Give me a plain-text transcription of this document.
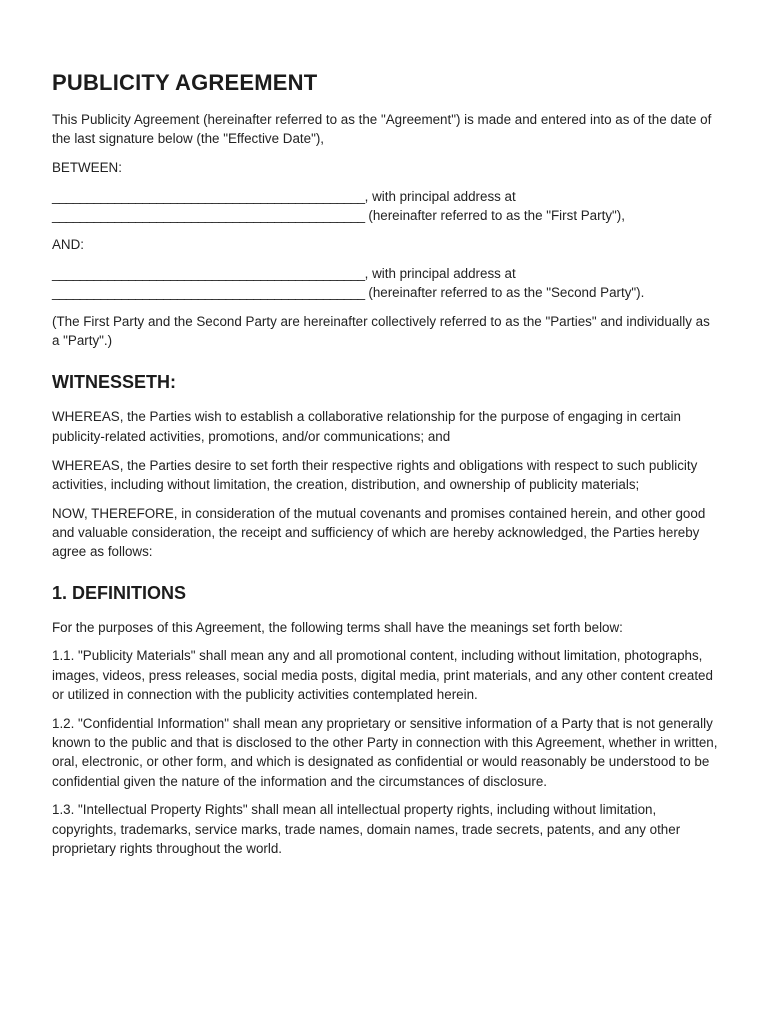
PUBLICITY AGREEMENT

This Publicity Agreement (hereinafter referred to as the "Agreement") is made and entered into as of the date of the last signature below (the "Effective Date"),

BETWEEN:

_____________________________________________, with principal address at
_____________________________________________ (hereinafter referred to as the "First Party"),

AND:

_____________________________________________, with principal address at
_____________________________________________ (hereinafter referred to as the "Second Party").

(The First Party and the Second Party are hereinafter collectively referred to as the "Parties" and individually as a "Party".)

WITNESSETH:

WHEREAS, the Parties wish to establish a collaborative relationship for the purpose of engaging in certain publicity-related activities, promotions, and/or communications; and

WHEREAS, the Parties desire to set forth their respective rights and obligations with respect to such publicity activities, including without limitation, the creation, distribution, and ownership of publicity materials;

NOW, THEREFORE, in consideration of the mutual covenants and promises contained herein, and other good and valuable consideration, the receipt and sufficiency of which are hereby acknowledged, the Parties hereby agree as follows:

1. DEFINITIONS

For the purposes of this Agreement, the following terms shall have the meanings set forth below:

1.1. "Publicity Materials" shall mean any and all promotional content, including without limitation, photographs, images, videos, press releases, social media posts, digital media, print materials, and any other content created or utilized in connection with the publicity activities contemplated herein.

1.2. "Confidential Information" shall mean any proprietary or sensitive information of a Party that is not generally known to the public and that is disclosed to the other Party in connection with this Agreement, whether in written, oral, electronic, or other form, and which is designated as confidential or would reasonably be understood to be confidential given the nature of the information and the circumstances of disclosure.

1.3. "Intellectual Property Rights" shall mean all intellectual property rights, including without limitation, copyrights, trademarks, service marks, trade names, domain names, trade secrets, patents, and any other proprietary rights throughout the world.
